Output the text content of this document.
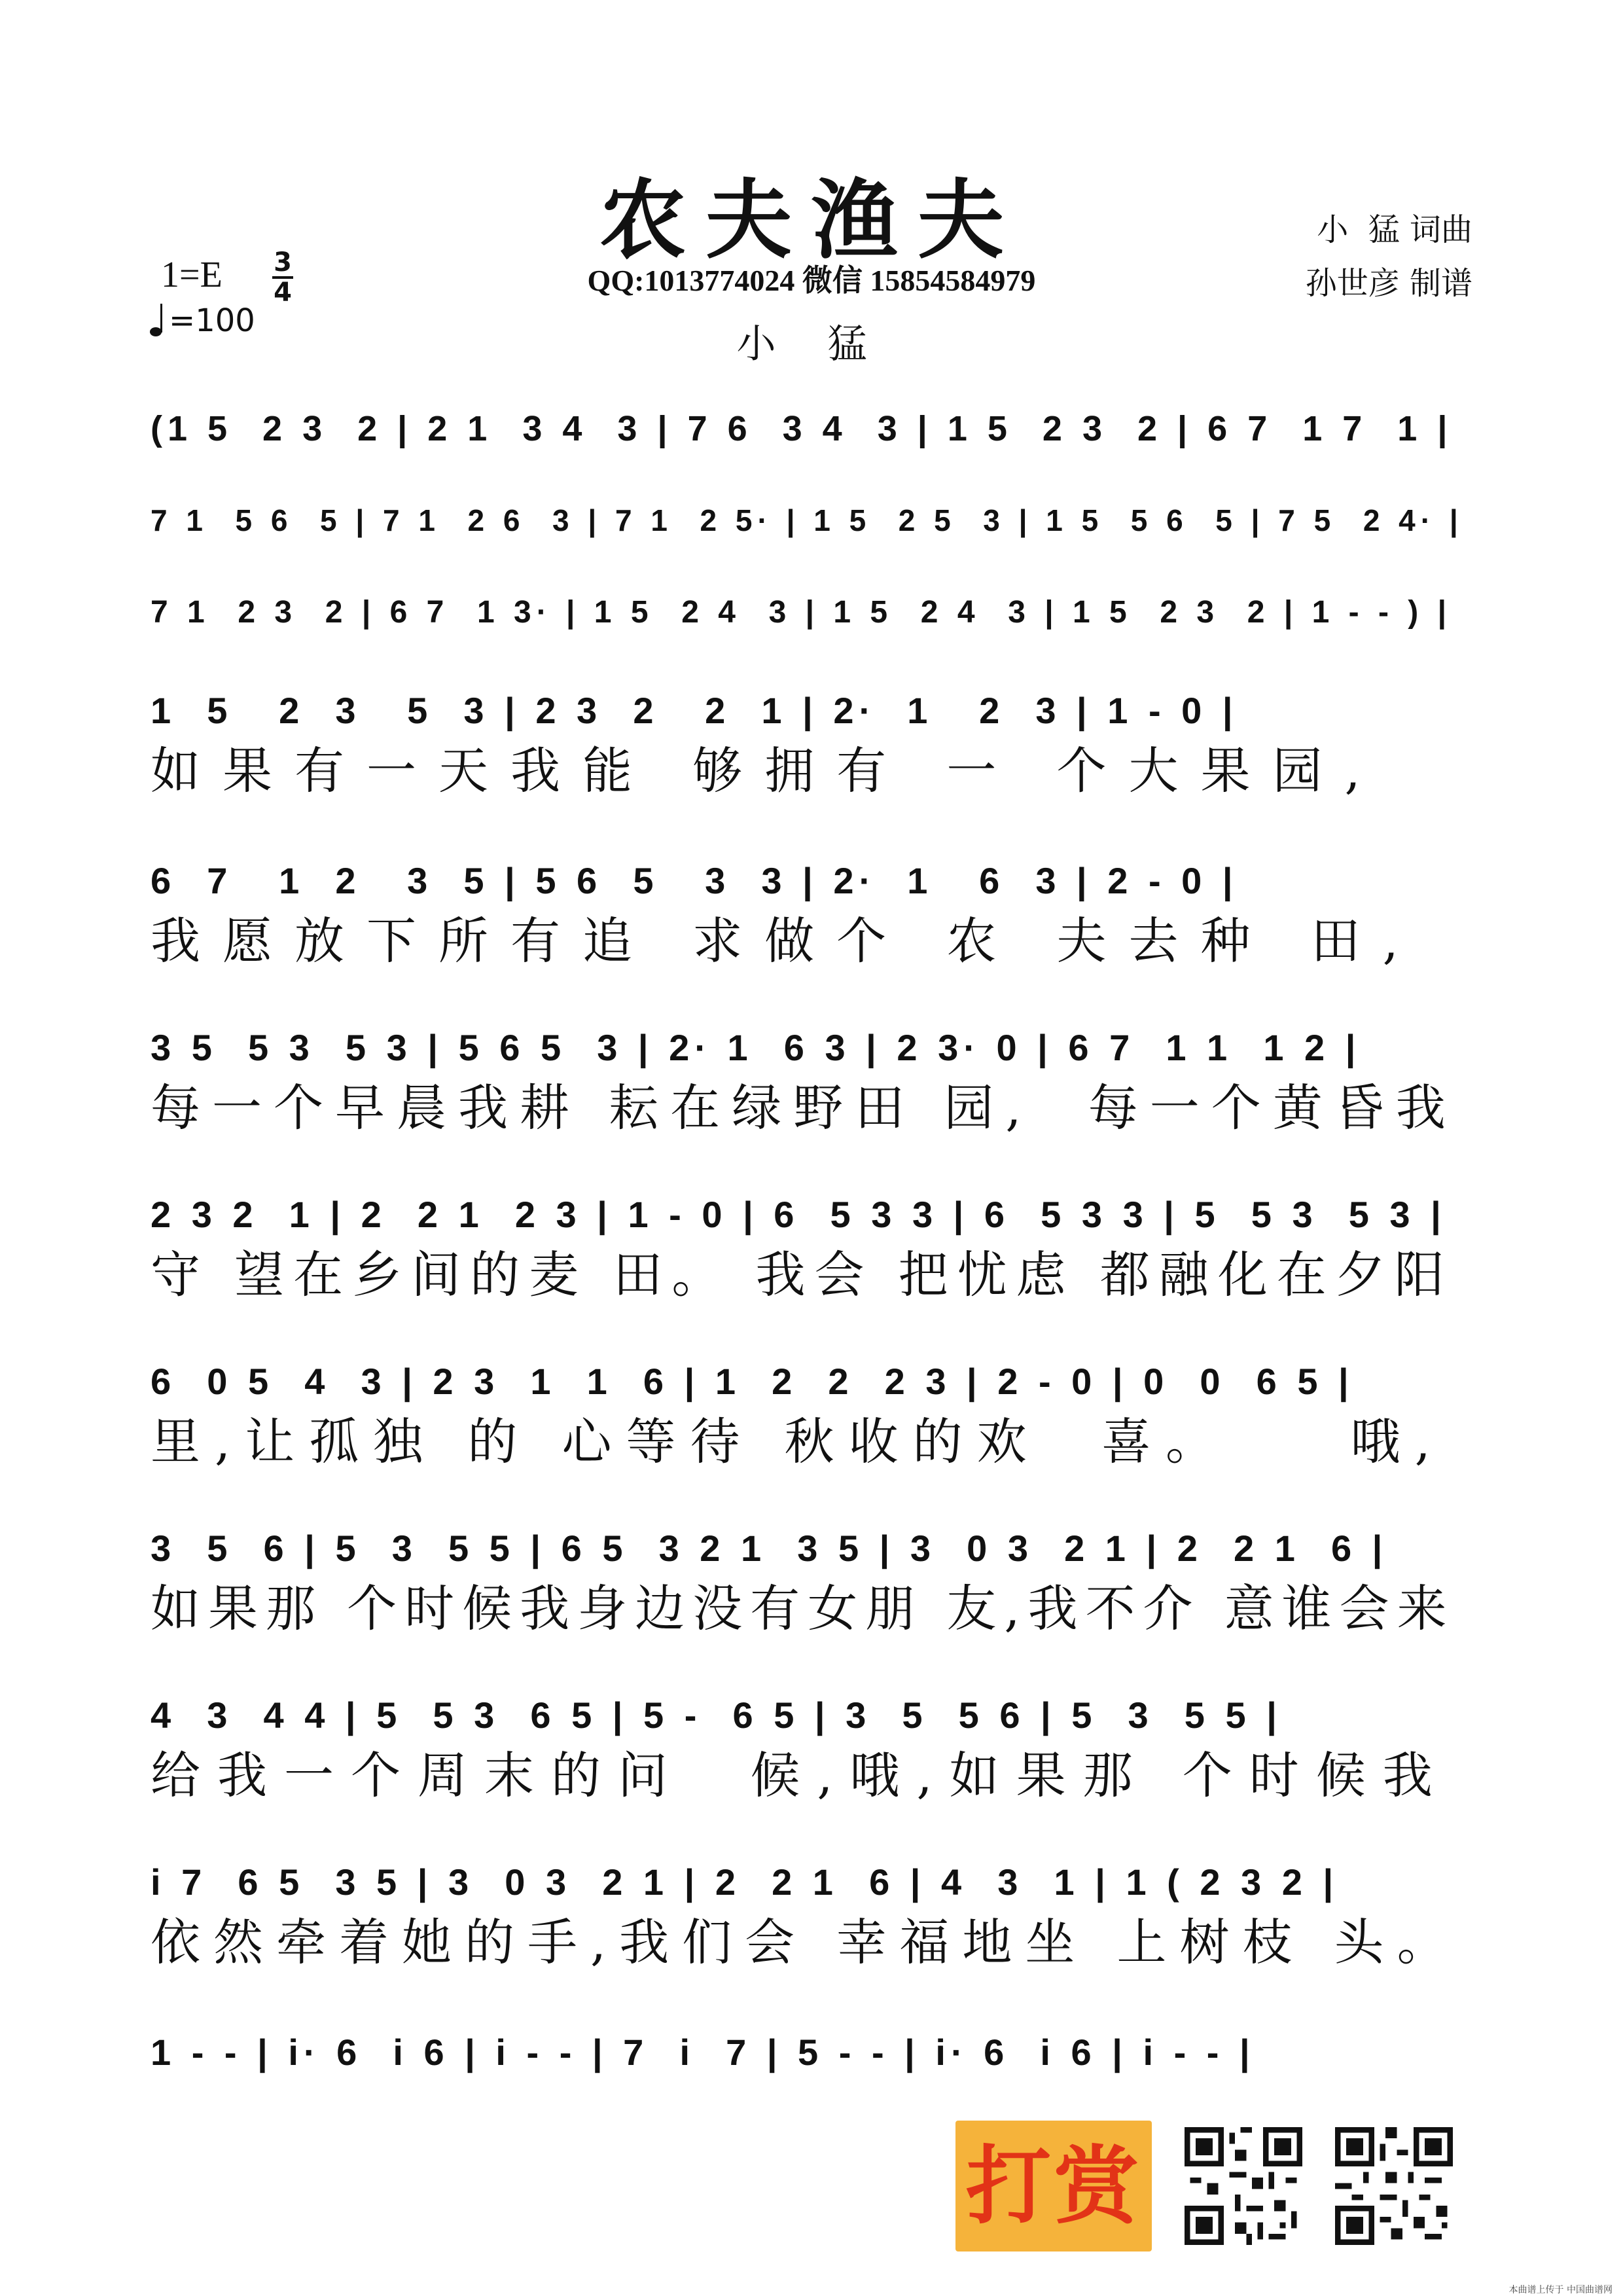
农夫渔夫	小  猛 词曲
孙世彦 制谱
QQ:1013774024 微信 15854584979
小 猛
1=E 3
4
=100
(1 5  2 3  2 | 2 1  3 4  3 | 7 6  3 4  3 | 1 5  2 3  2 | 6 7  1 7  1 |
7 1  5 6  5 | 7 1  2 6  3 | 7 1  2 5· | 1 5  2 5  3 | 1 5  5 6  5 | 7 5  2 4· |
7 1  2 3  2 | 6 7  1 3· | 1 5  2 4  3 | 1 5  2 4  3 | 1 5  2 3  2 | 1 - - ) |
1  5   2  3   5  3 | 2 3  2   2  1 | 2·  1   2  3 | 1 - 0 |
如果有一天我能 够拥有 一 个大果园,
6  7   1  2   3  5 | 5 6  5   3  3 | 2·  1   6  3 | 2 - 0 |
我愿放下所有追 求做个 农 夫去种 田,
3 5  5 3  5 3 | 5 6 5  3 | 2· 1  6 3 | 2 3· 0 | 6 7  1 1  1 2 |
每一个早晨我耕 耘在绿野田 园,  每一个黄昏我
2 3 2  1 | 2  2 1  2 3 | 1 - 0 | 6  5 3 3 | 6  5 3 3 | 5  5 3  5 3 |
守 望在乡间的麦 田。 我会 把忧虑 都融化在夕阳
6  0 5  4  3 | 2 3  1  1  6 | 1  2  2  2 3 | 2 - 0 | 0  0  6 5 |
里,让孤独 的 心等待 秋收的欢  喜。    哦,
3  5  6 | 5  3  5 5 | 6 5  3 2 1  3 5 | 3  0 3  2 1 | 2  2 1  6 |
如果那 个时候我身边没有女朋 友,我不介 意谁会来
4  3  4 4 | 5  5 3  6 5 | 5 -  6 5 | 3  5  5 6 | 5  3  5 5 |
给我一个周末的问  候,哦,如果那 个时候我
i 7  6 5  3 5 | 3  0 3  2 1 | 2  2 1  6 | 4  3  1 | 1 ( 2 3 2 |
依然牵着她的手,我们会 幸福地坐 上树枝 头。
1 - - | i· 6  i 6 | i - - | 7  i  7 | 5 - - | i· 6  i 6 | i - - |
打赏
本曲谱上传于 中国曲谱网
